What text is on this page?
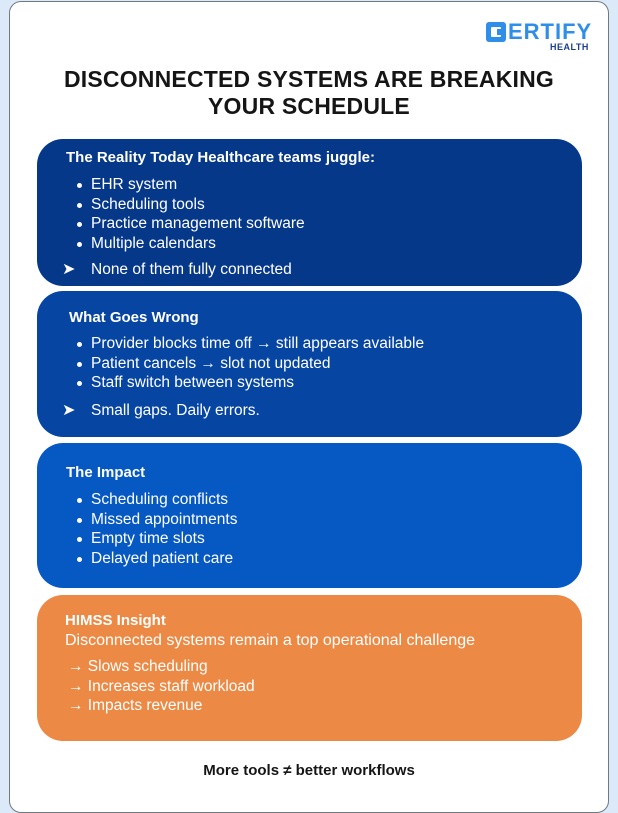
ERTIFY
HEALTH
DISCONNECTED SYSTEMS ARE BREAKING
YOUR SCHEDULE
The Reality Today Healthcare teams juggle:
EHR system
Scheduling tools
Practice management software
Multiple calendars
➤ None of them fully connected
What Goes Wrong
Provider blocks time off → still appears available
Patient cancels → slot not updated
Staff switch between systems
➤ Small gaps. Daily errors.
The Impact
Scheduling conflicts
Missed appointments
Empty time slots
Delayed patient care
HIMSS Insight
Disconnected systems remain a top operational challenge
→ Slows scheduling
→ Increases staff workload
→ Impacts revenue
More tools ≠ better workflows
